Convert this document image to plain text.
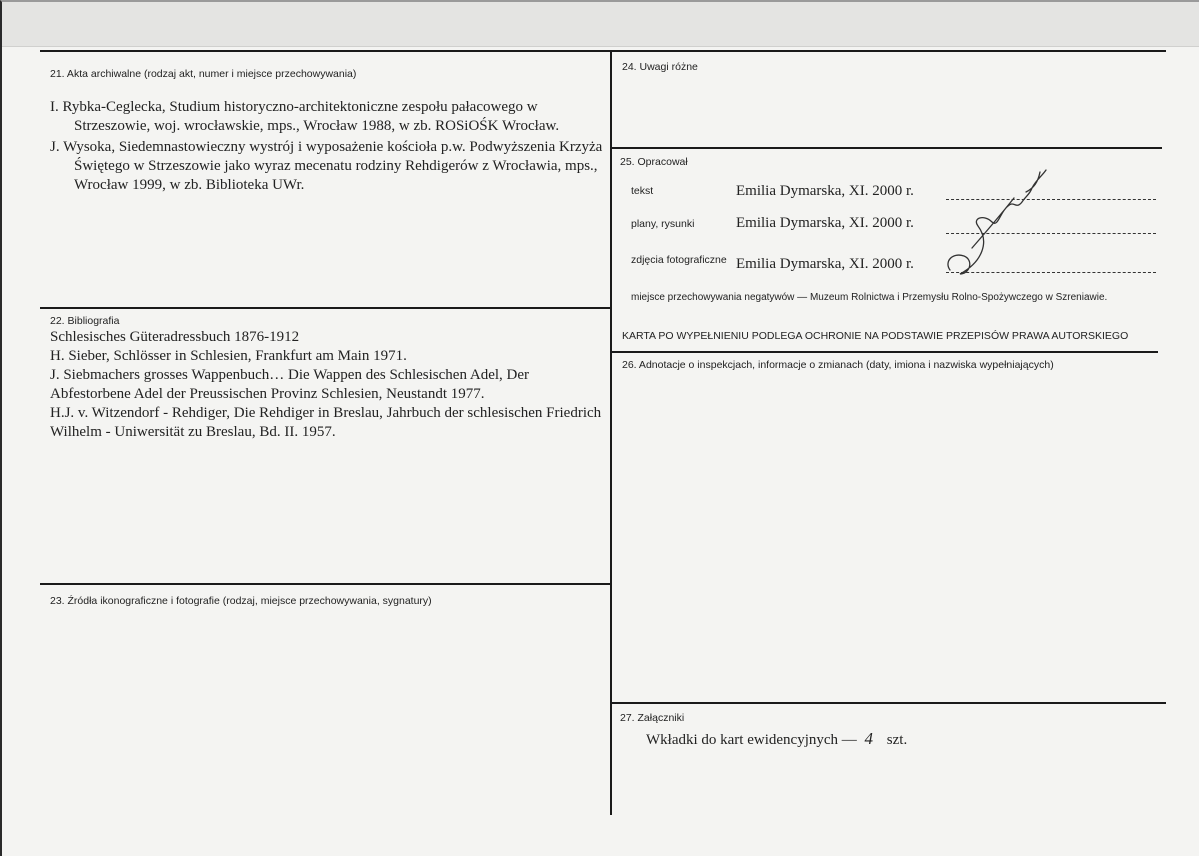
21. Akta archiwalne (rodzaj akt, numer i miejsce przechowywania)

I. Rybka-Ceglecka, Studium historyczno-architektoniczne zespołu pałacowego w Strzeszowie, woj. wrocławskie, mps., Wrocław 1988, w zb. ROSiOŚK Wrocław.

J. Wysoka, Siedemnastowieczny wystrój i wyposażenie kościoła p.w. Podwyższenia Krzyża Świętego w Strzeszowie jako wyraz mecenatu rodziny Rehdigerów z Wrocławia, mps., Wrocław 1999, w zb. Biblioteka UWr.

22. Bibliografia

Schlesisches Güteradressbuch 1876-1912

H. Sieber, Schlösser in Schlesien, Frankfurt am Main 1971.

J. Siebmachers grosses Wappenbuch… Die Wappen des Schlesischen Adel, Der Abfestorbene Adel der Preussischen Provinz Schlesien, Neustandt 1977.

H.J. v. Witzendorf - Rehdiger, Die Rehdiger in Breslau, Jahrbuch der schlesischen Friedrich Wilhelm - Uniwersität zu Breslau, Bd. II. 1957.

23. Źródła ikonograficzne i fotografie (rodzaj, miejsce przechowywania, sygnatury)
24. Uwagi różne
25. Opracował
tekst	Emilia Dymarska, XI. 2000 r.
plany, rysunki	Emilia Dymarska, XI. 2000 r.
zdjęcia fotograficzne Emilia Dymarska, XI. 2000 r.
miejsce przechowywania negatywów — Muzeum Rolnictwa i Przemysłu Rolno-Spożywczego w Szreniawie.
KARTA PO WYPEŁNIENIU PODLEGA OCHRONIE NA PODSTAWIE PRZEPISÓW PRAWA AUTORSKIEGO
26. Adnotacje o inspekcjach, informacje o zmianach (daty, imiona i nazwiska wypełniających)
27. Załączniki
Wkładki do kart ewidencyjnych — 4 szt.
